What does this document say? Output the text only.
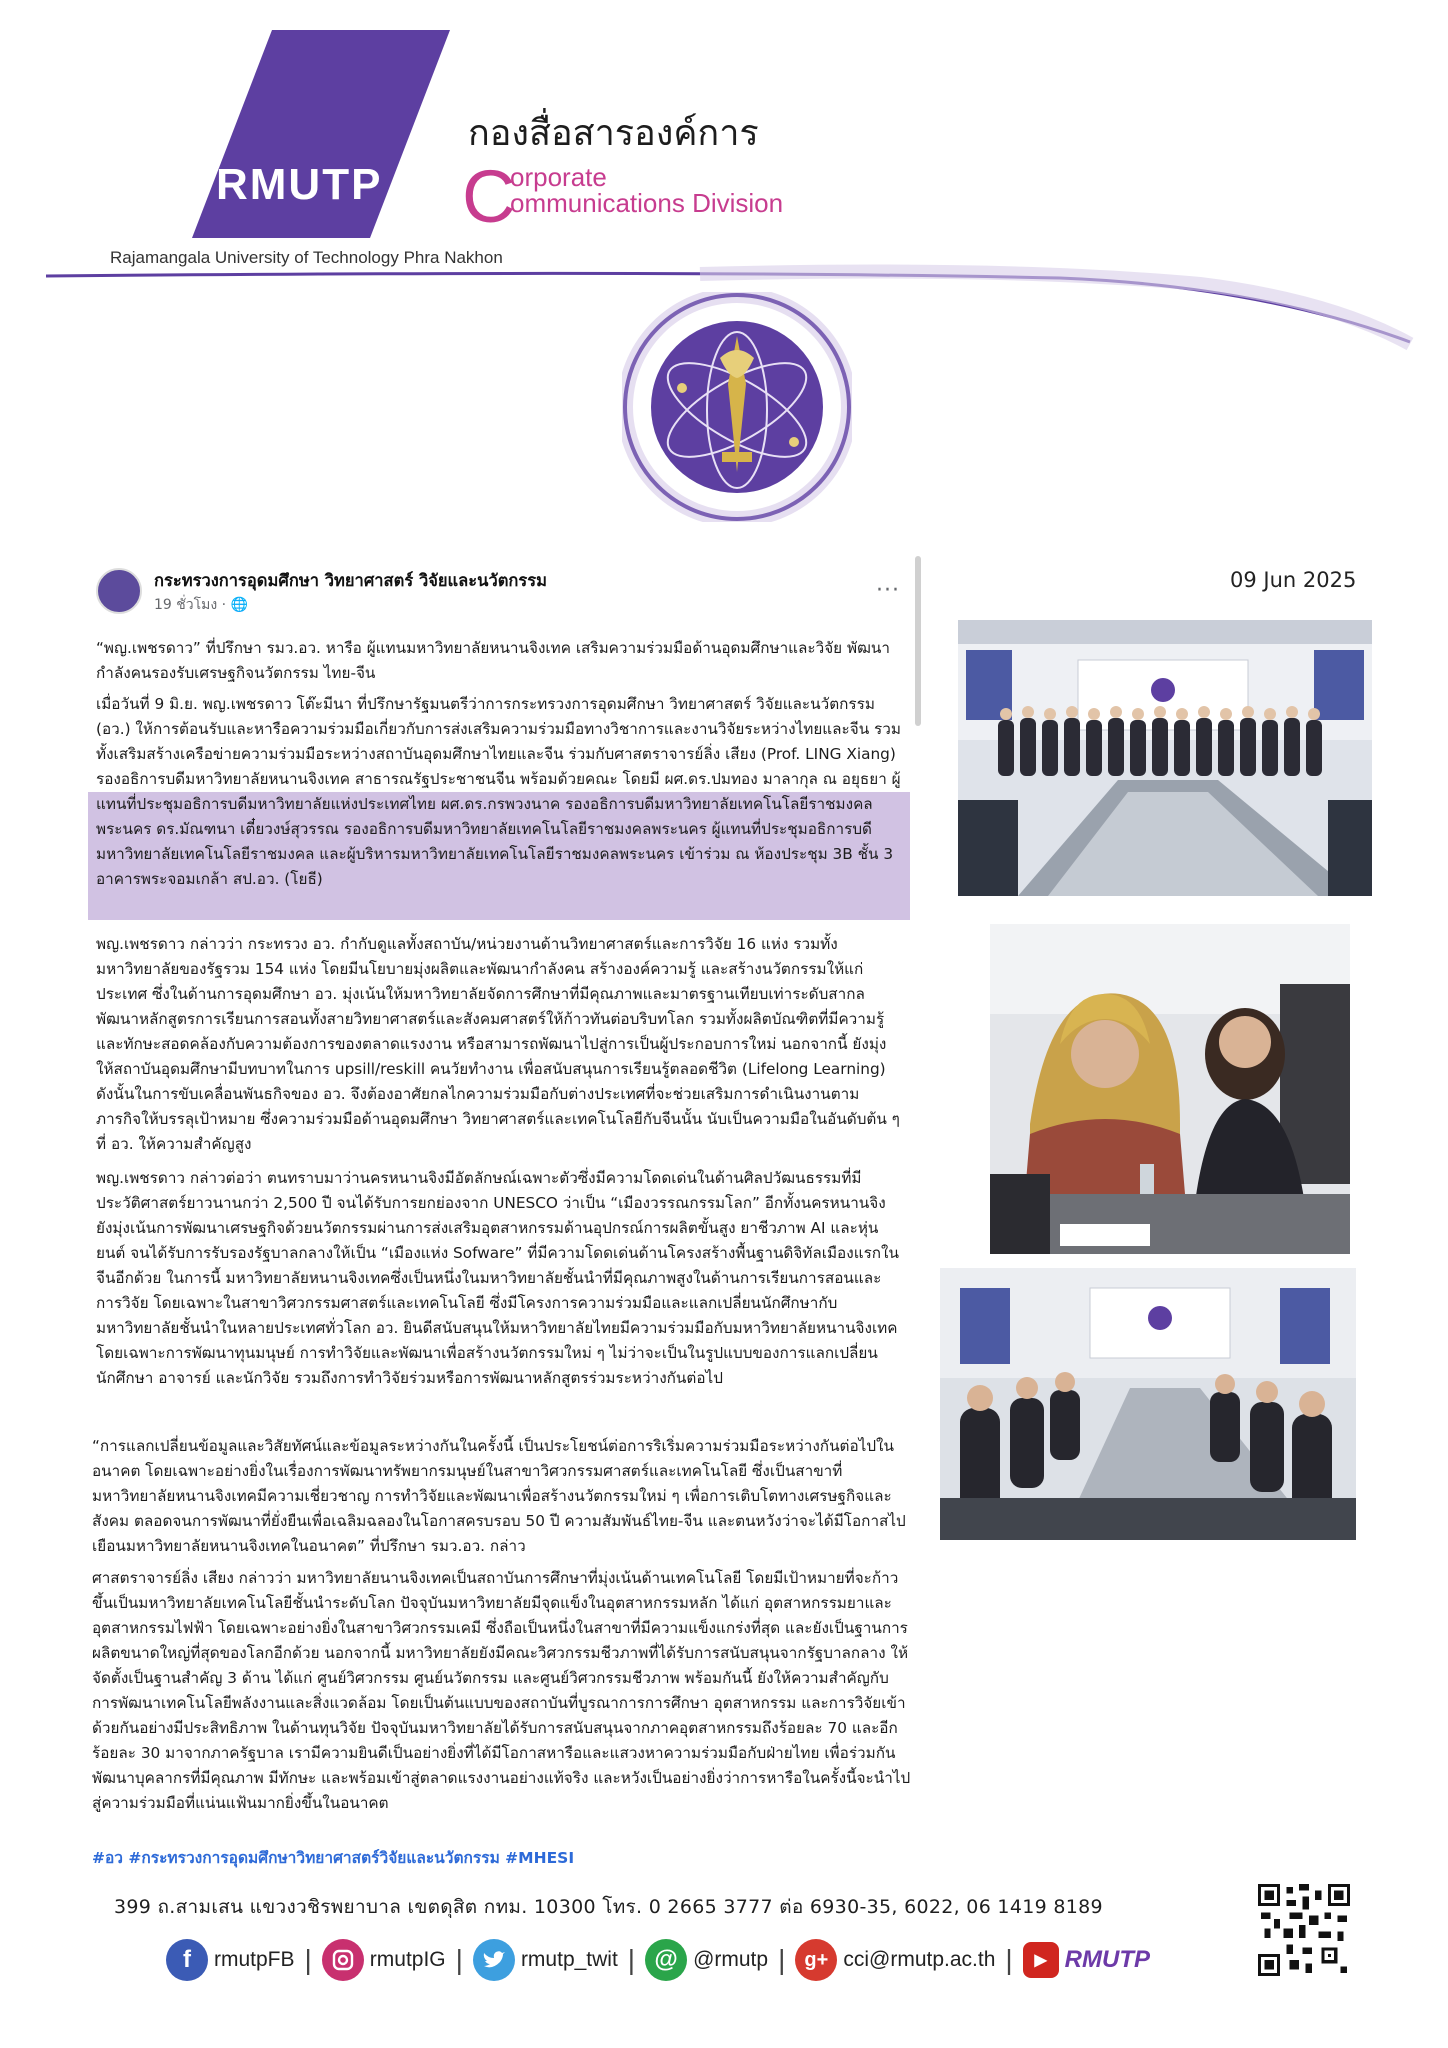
RMUTP
กองสื่อสารองค์การ
C
orporate
ommunications Division
Rajamangala University of Technology Phra Nakhon
กระทรวงการอุดมศึกษา วิทยาศาสตร์ วิจัยและนวัตกรรม
19 ชั่วโมง · 🌐
···	09 Jun 2025
“พญ.เพชรดาว” ที่ปรึกษา รมว.อว. หารือ ผู้แทนมหาวิทยาลัยหนานจิงเทค เสริมความร่วมมือด้านอุดมศึกษาและวิจัย พัฒนากำลังคนรองรับเศรษฐกิจนวัตกรรม ไทย-จีน
เมื่อวันที่ 9 มิ.ย. พญ.เพชรดาว โต๊ะมีนา ที่ปรึกษารัฐมนตรีว่าการกระทรวงการอุดมศึกษา วิทยาศาสตร์ วิจัยและนวัตกรรม (อว.) ให้การต้อนรับและหารือความร่วมมือเกี่ยวกับการส่งเสริมความร่วมมือทางวิชาการและงานวิจัยระหว่างไทยและจีน รวมทั้งเสริมสร้างเครือข่ายความร่วมมือระหว่างสถาบันอุดมศึกษาไทยและจีน ร่วมกับศาสตราจารย์ลิ่ง เสียง (Prof. LING Xiang) รองอธิการบดีมหาวิทยาลัยหนานจิงเทค สาธารณรัฐประชาชนจีน พร้อมด้วยคณะ โดยมี ผศ.ดร.ปมทอง มาลากุล ณ อยุธยา ผู้แทนที่ประชุมอธิการบดีมหาวิทยาลัยแห่งประเทศไทย ผศ.ดร.กรพวงนาค รองอธิการบดีมหาวิทยาลัยเทคโนโลยีราชมงคลพระนคร ดร.มัณฑนา เตี๋ยวงษ์สุวรรณ รองอธิการบดีมหาวิทยาลัยเทคโนโลยีราชมงคลพระนคร ผู้แทนที่ประชุมอธิการบดีมหาวิทยาลัยเทคโนโลยีราชมงคล และผู้บริหารมหาวิทยาลัยเทคโนโลยีราชมงคลพระนคร เข้าร่วม ณ ห้องประชุม 3B ชั้น 3 อาคารพระจอมเกล้า สป.อว. (โยธี)
พญ.เพชรดาว กล่าวว่า กระทรวง อว. กำกับดูแลทั้งสถาบัน/หน่วยงานด้านวิทยาศาสตร์และการวิจัย 16 แห่ง รวมทั้งมหาวิทยาลัยของรัฐรวม 154 แห่ง โดยมีนโยบายมุ่งผลิตและพัฒนากำลังคน สร้างองค์ความรู้ และสร้างนวัตกรรมให้แก่ประเทศ ซึ่งในด้านการอุดมศึกษา อว. มุ่งเน้นให้มหาวิทยาลัยจัดการศึกษาที่มีคุณภาพและมาตรฐานเทียบเท่าระดับสากล พัฒนาหลักสูตรการเรียนการสอนทั้งสายวิทยาศาสตร์และสังคมศาสตร์ให้ก้าวทันต่อบริบทโลก รวมทั้งผลิตบัณฑิตที่มีความรู้และทักษะสอดคล้องกับความต้องการของตลาดแรงงาน หรือสามารถพัฒนาไปสู่การเป็นผู้ประกอบการใหม่ นอกจากนี้ ยังมุ่งให้สถาบันอุดมศึกษามีบทบาทในการ upsill/reskill คนวัยทำงาน เพื่อสนับสนุนการเรียนรู้ตลอดชีวิต (Lifelong Learning) ดังนั้นในการขับเคลื่อนพันธกิจของ อว. จึงต้องอาศัยกลไกความร่วมมือกับต่างประเทศที่จะช่วยเสริมการดำเนินงานตามภารกิจให้บรรลุเป้าหมาย ซึ่งความร่วมมือด้านอุดมศึกษา วิทยาศาสตร์และเทคโนโลยีกับจีนนั้น นับเป็นความมือในอันดับต้น ๆ ที่ อว. ให้ความสำคัญสูง
พญ.เพชรดาว กล่าวต่อว่า ตนทราบมาว่านครหนานจิงมีอัตลักษณ์เฉพาะตัวซึ่งมีความโดดเด่นในด้านศิลปวัฒนธรรมที่มีประวัติศาสตร์ยาวนานกว่า 2,500 ปี จนได้รับการยกย่องจาก UNESCO ว่าเป็น “เมืองวรรณกรรมโลก” อีกทั้งนครหนานจิงยังมุ่งเน้นการพัฒนาเศรษฐกิจด้วยนวัตกรรมผ่านการส่งเสริมอุตสาหกรรมด้านอุปกรณ์การผลิตขั้นสูง ยาชีวภาพ AI และหุ่นยนต์ จนได้รับการรับรองรัฐบาลกลางให้เป็น “เมืองแห่ง Sofware” ที่มีความโดดเด่นด้านโครงสร้างพื้นฐานดิจิทัลเมืองแรกในจีนอีกด้วย ในการนี้ มหาวิทยาลัยหนานจิงเทคซึ่งเป็นหนึ่งในมหาวิทยาลัยชั้นนำที่มีคุณภาพสูงในด้านการเรียนการสอนและการวิจัย โดยเฉพาะในสาขาวิศวกรรมศาสตร์และเทคโนโลยี ซึ่งมีโครงการความร่วมมือและแลกเปลี่ยนนักศึกษากับมหาวิทยาลัยชั้นนำในหลายประเทศทั่วโลก อว. ยินดีสนับสนุนให้มหาวิทยาลัยไทยมีความร่วมมือกับมหาวิทยาลัยหนานจิงเทค โดยเฉพาะการพัฒนาทุนมนุษย์ การทำวิจัยและพัฒนาเพื่อสร้างนวัตกรรมใหม่ ๆ ไม่ว่าจะเป็นในรูปแบบของการแลกเปลี่ยนนักศึกษา อาจารย์ และนักวิจัย รวมถึงการทำวิจัยร่วมหรือการพัฒนาหลักสูตรร่วมระหว่างกันต่อไป
“การแลกเปลี่ยนข้อมูลและวิสัยทัศน์และข้อมูลระหว่างกันในครั้งนี้ เป็นประโยชน์ต่อการริเริ่มความร่วมมือระหว่างกันต่อไปในอนาคต โดยเฉพาะอย่างยิ่งในเรื่องการพัฒนาทรัพยากรมนุษย์ในสาขาวิศวกรรมศาสตร์และเทคโนโลยี ซึ่งเป็นสาขาที่มหาวิทยาลัยหนานจิงเทคมีความเชี่ยวชาญ การทำวิจัยและพัฒนาเพื่อสร้างนวัตกรรมใหม่ ๆ เพื่อการเติบโตทางเศรษฐกิจและสังคม ตลอดจนการพัฒนาที่ยั่งยืนเพื่อเฉลิมฉลองในโอกาสครบรอบ 50 ปี ความสัมพันธ์ไทย-จีน และตนหวังว่าจะได้มีโอกาสไปเยือนมหาวิทยาลัยหนานจิงเทคในอนาคต” ที่ปรึกษา รมว.อว. กล่าว
ศาสตราจารย์ลิ่ง เสียง กล่าวว่า มหาวิทยาลัยนานจิงเทคเป็นสถาบันการศึกษาที่มุ่งเน้นด้านเทคโนโลยี โดยมีเป้าหมายที่จะก้าวขึ้นเป็นมหาวิทยาลัยเทคโนโลยีชั้นนำระดับโลก ปัจจุบันมหาวิทยาลัยมีจุดแข็งในอุตสาหกรรมหลัก ได้แก่ อุตสาหกรรมยาและอุตสาหกรรมไฟฟ้า โดยเฉพาะอย่างยิ่งในสาขาวิศวกรรมเคมี ซึ่งถือเป็นหนึ่งในสาขาที่มีความแข็งแกร่งที่สุด และยังเป็นฐานการผลิตขนาดใหญ่ที่สุดของโลกอีกด้วย นอกจากนี้ มหาวิทยาลัยยังมีคณะวิศวกรรมชีวภาพที่ได้รับการสนับสนุนจากรัฐบาลกลาง ให้จัดตั้งเป็นฐานสำคัญ 3 ด้าน ได้แก่ ศูนย์วิศวกรรม ศูนย์นวัตกรรม และศูนย์วิศวกรรมชีวภาพ พร้อมกันนี้ ยังให้ความสำคัญกับการพัฒนาเทคโนโลยีพลังงานและสิ่งแวดล้อม โดยเป็นต้นแบบของสถาบันที่บูรณาการการศึกษา อุตสาหกรรม และการวิจัยเข้าด้วยกันอย่างมีประสิทธิภาพ ในด้านทุนวิจัย ปัจจุบันมหาวิทยาลัยได้รับการสนับสนุนจากภาคอุตสาหกรรมถึงร้อยละ 70 และอีกร้อยละ 30 มาจากภาครัฐบาล เรามีความยินดีเป็นอย่างยิ่งที่ได้มีโอกาสหารือและแสวงหาความร่วมมือกับฝ่ายไทย เพื่อร่วมกันพัฒนาบุคลากรที่มีคุณภาพ มีทักษะ และพร้อมเข้าสู่ตลาดแรงงานอย่างแท้จริง และหวังเป็นอย่างยิ่งว่าการหารือในครั้งนี้จะนำไปสู่ความร่วมมือที่แน่นแฟ้นมากยิ่งขึ้นในอนาคต
#อว #กระทรวงการอุดมศึกษาวิทยาศาสตร์วิจัยและนวัตกรรม #MHESI
399 ถ.สามเสน แขวงวชิรพยาบาล เขตดุสิต กทม. 10300 โทร. 0 2665 3777 ต่อ 6930-35, 6022, 06 1419 8189
f	rmutpFB |	rmutpIG |	rmutp_twit | @ @rmutp | g+ cci@rmutp.ac.th |	▶ RMUTP
